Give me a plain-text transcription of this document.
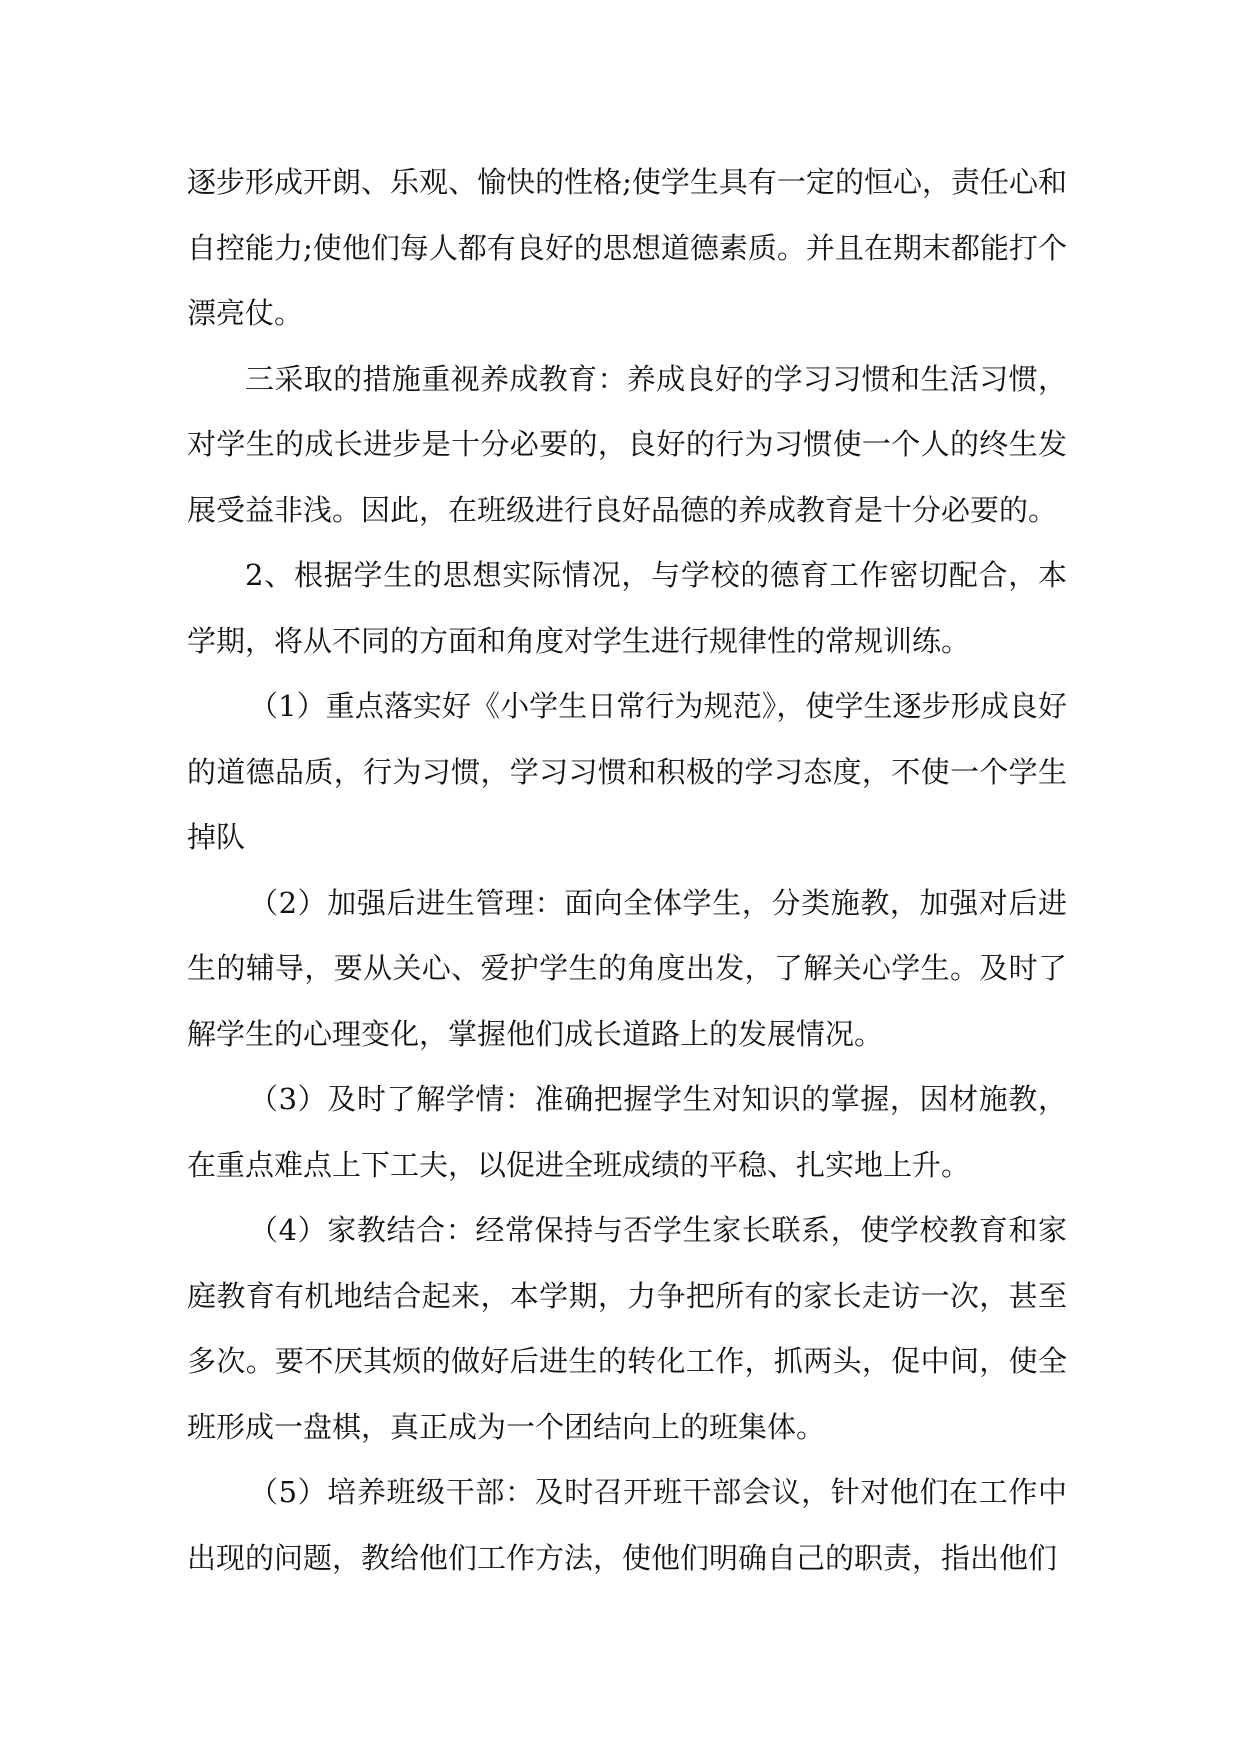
逐步形成开朗、乐观、愉快的性格;使学生具有一定的恒心，责任心和自控能力;使他们每人都有良好的思想道德素质。并且在期末都能打个漂亮仗。

三采取的措施重视养成教育：养成良好的学习习惯和生活习惯，对学生的成长进步是十分必要的，良好的行为习惯使一个人的终生发展受益非浅。因此，在班级进行良好品德的养成教育是十分必要的。

2、根据学生的思想实际情况，与学校的德育工作密切配合，本学期，将从不同的方面和角度对学生进行规律性的常规训练。

（1）重点落实好《小学生日常行为规范》，使学生逐步形成良好的道德品质，行为习惯，学习习惯和积极的学习态度，不使一个学生掉队

（2）加强后进生管理：面向全体学生，分类施教，加强对后进生的辅导，要从关心、爱护学生的角度出发，了解关心学生。及时了解学生的心理变化，掌握他们成长道路上的发展情况。

（3）及时了解学情：准确把握学生对知识的掌握，因材施教，在重点难点上下工夫，以促进全班成绩的平稳、扎实地上升。

（4）家教结合：经常保持与否学生家长联系，使学校教育和家庭教育有机地结合起来，本学期，力争把所有的家长走访一次，甚至多次。要不厌其烦的做好后进生的转化工作，抓两头，促中间，使全班形成一盘棋，真正成为一个团结向上的班集体。

（5）培养班级干部：及时召开班干部会议，针对他们在工作中出现的问题，教给他们工作方法，使他们明确自己的职责，指出他们
